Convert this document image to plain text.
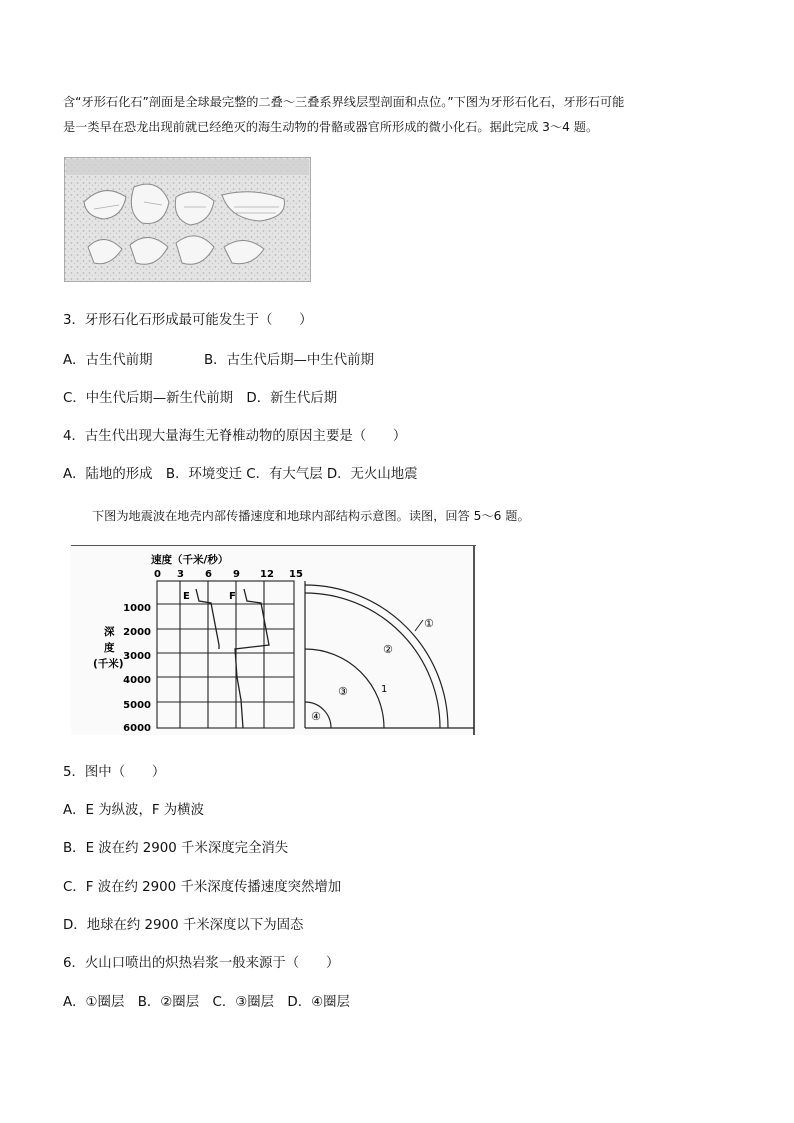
含“牙形石化石”剖面是全球最完整的二叠～三叠系界线层型剖面和点位。”下图为牙形石化石，牙形石可能
是一类早在恐龙出现前就已经绝灭的海生动物的骨骼或器官所形成的微小化石。据此完成 3～4 题。
3．牙形石化石形成最可能发生于（　　）
A．古生代前期	B．古生代后期—中生代前期
C．中生代后期—新生代前期　D．新生代后期
4．古生代出现大量海生无脊椎动物的原因主要是（　　）
A．陆地的形成　B．环境变迁 C．有大气层 D．无火山地震
下图为地震波在地壳内部传播速度和地球内部结构示意图。读图，回答 5～6 题。
速度（千米/秒）
0 3 6 9 12 15
1000
2000
3000
4000
5000
6000
深
度
(千米)
E	F
①
②
③
④
1
5．图中（　　）
A．E 为纵波，F 为横波
B．E 波在约 2900 千米深度完全消失
C．F 波在约 2900 千米深度传播速度突然增加
D．地球在约 2900 千米深度以下为固态
6．火山口喷出的炽热岩浆一般来源于（　　）
A．①圈层　B．②圈层　C．③圈层　D．④圈层
